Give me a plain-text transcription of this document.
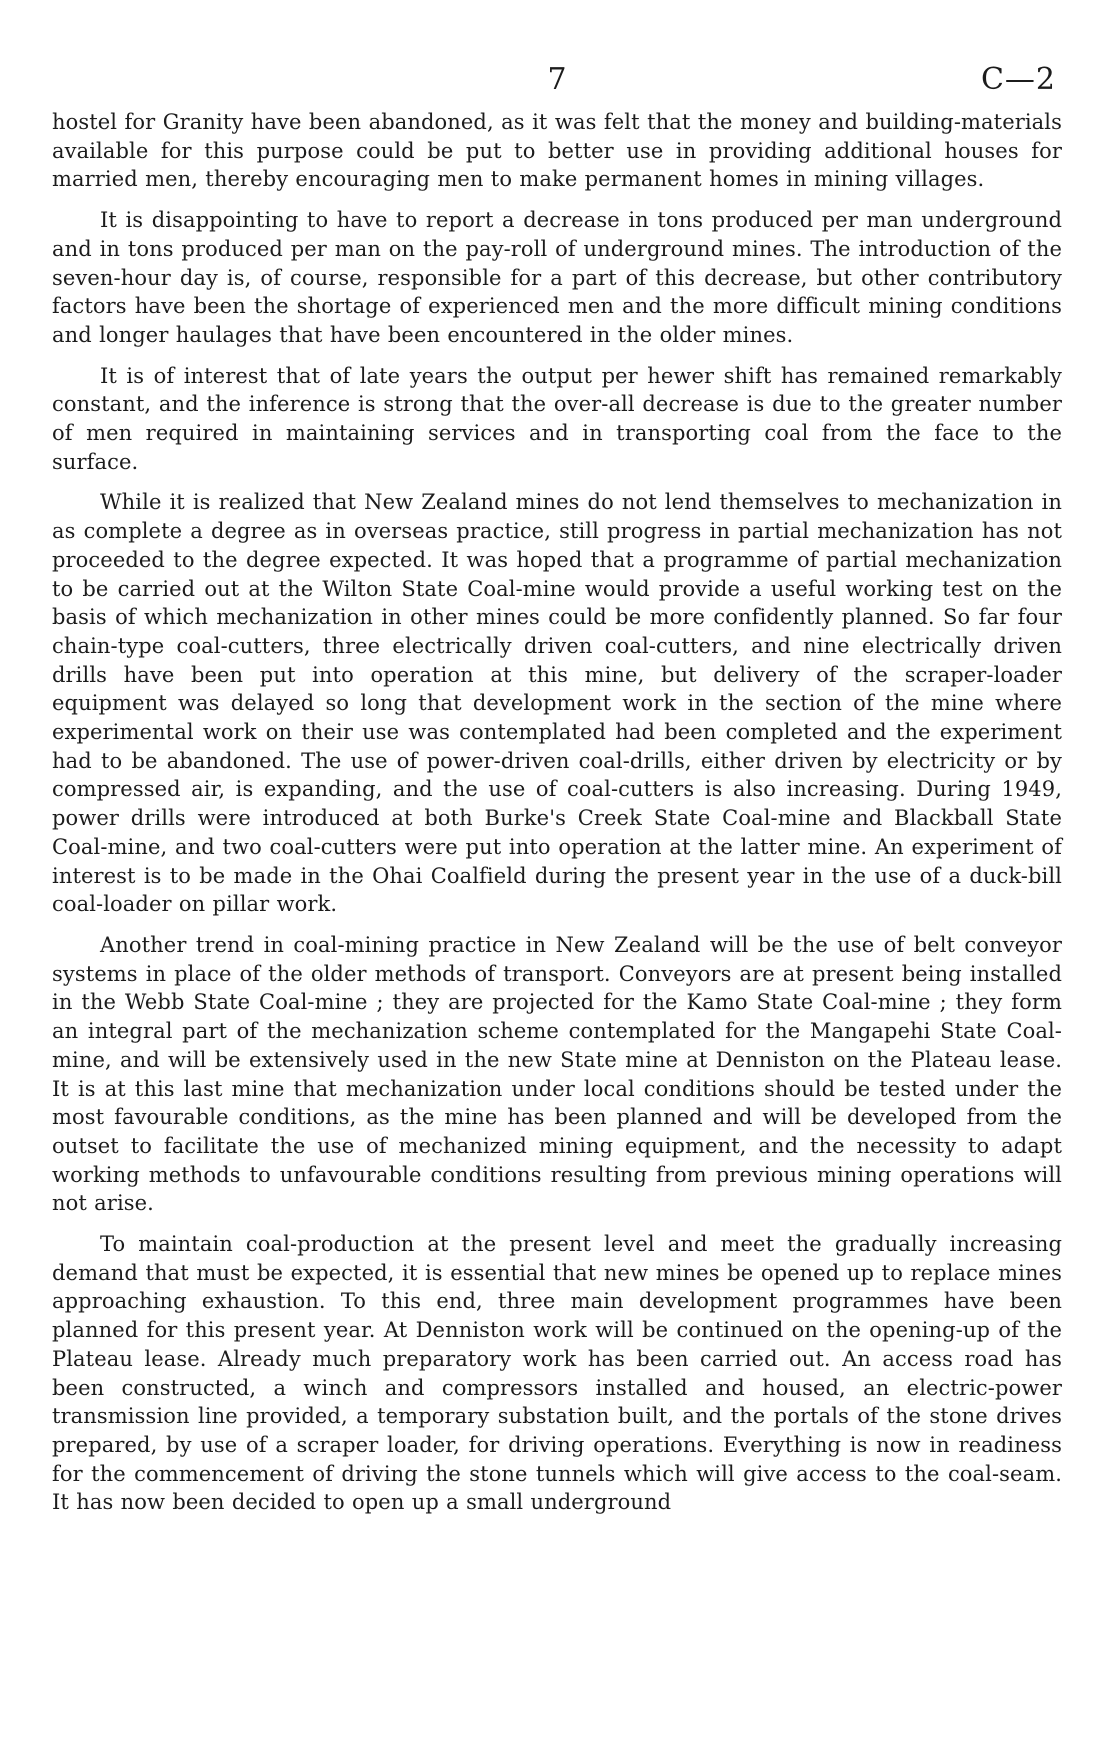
7	C—2

hostel for Granity have been abandoned, as it was felt that the money and building-materials available for this purpose could be put to better use in providing additional houses for married men, thereby encouraging men to make permanent homes in mining villages.

It is disappointing to have to report a decrease in tons produced per man underground and in tons produced per man on the pay-roll of underground mines. The introduction of the seven-hour day is, of course, responsible for a part of this decrease, but other contributory factors have been the shortage of experienced men and the more difficult mining conditions and longer haulages that have been encountered in the older mines.

It is of interest that of late years the output per hewer shift has remained remarkably constant, and the inference is strong that the over-all decrease is due to the greater number of men required in maintaining services and in transporting coal from the face to the surface.

While it is realized that New Zealand mines do not lend themselves to mechanization in as complete a degree as in overseas practice, still progress in partial mechanization has not proceeded to the degree expected. It was hoped that a programme of partial mechanization to be carried out at the Wilton State Coal-mine would provide a useful working test on the basis of which mechanization in other mines could be more confidently planned. So far four chain-type coal-cutters, three electrically driven coal-cutters, and nine electrically driven drills have been put into operation at this mine, but delivery of the scraper-loader equipment was delayed so long that development work in the section of the mine where experimental work on their use was contemplated had been completed and the experiment had to be abandoned. The use of power-driven coal-drills, either driven by electricity or by compressed air, is expanding, and the use of coal-cutters is also increasing. During 1949, power drills were introduced at both Burke's Creek State Coal-mine and Blackball State Coal-mine, and two coal-cutters were put into operation at the latter mine. An experiment of interest is to be made in the Ohai Coalfield during the present year in the use of a duck-bill coal-loader on pillar work.

Another trend in coal-mining practice in New Zealand will be the use of belt conveyor systems in place of the older methods of transport. Conveyors are at present being installed in the Webb State Coal-mine ; they are projected for the Kamo State Coal-mine ; they form an integral part of the mechanization scheme contemplated for the Mangapehi State Coal-mine, and will be extensively used in the new State mine at Denniston on the Plateau lease. It is at this last mine that mechanization under local conditions should be tested under the most favourable conditions, as the mine has been planned and will be developed from the outset to facilitate the use of mechanized mining equipment, and the necessity to adapt working methods to unfavourable conditions resulting from previous mining operations will not arise.

To maintain coal-production at the present level and meet the gradually increasing demand that must be expected, it is essential that new mines be opened up to replace mines approaching exhaustion. To this end, three main development programmes have been planned for this present year. At Denniston work will be continued on the opening-up of the Plateau lease. Already much preparatory work has been carried out. An access road has been constructed, a winch and compressors installed and housed, an electric-power transmission line provided, a temporary substation built, and the portals of the stone drives prepared, by use of a scraper loader, for driving operations. Everything is now in readiness for the commencement of driving the stone tunnels which will give access to the coal-seam. It has now been decided to open up a small underground
